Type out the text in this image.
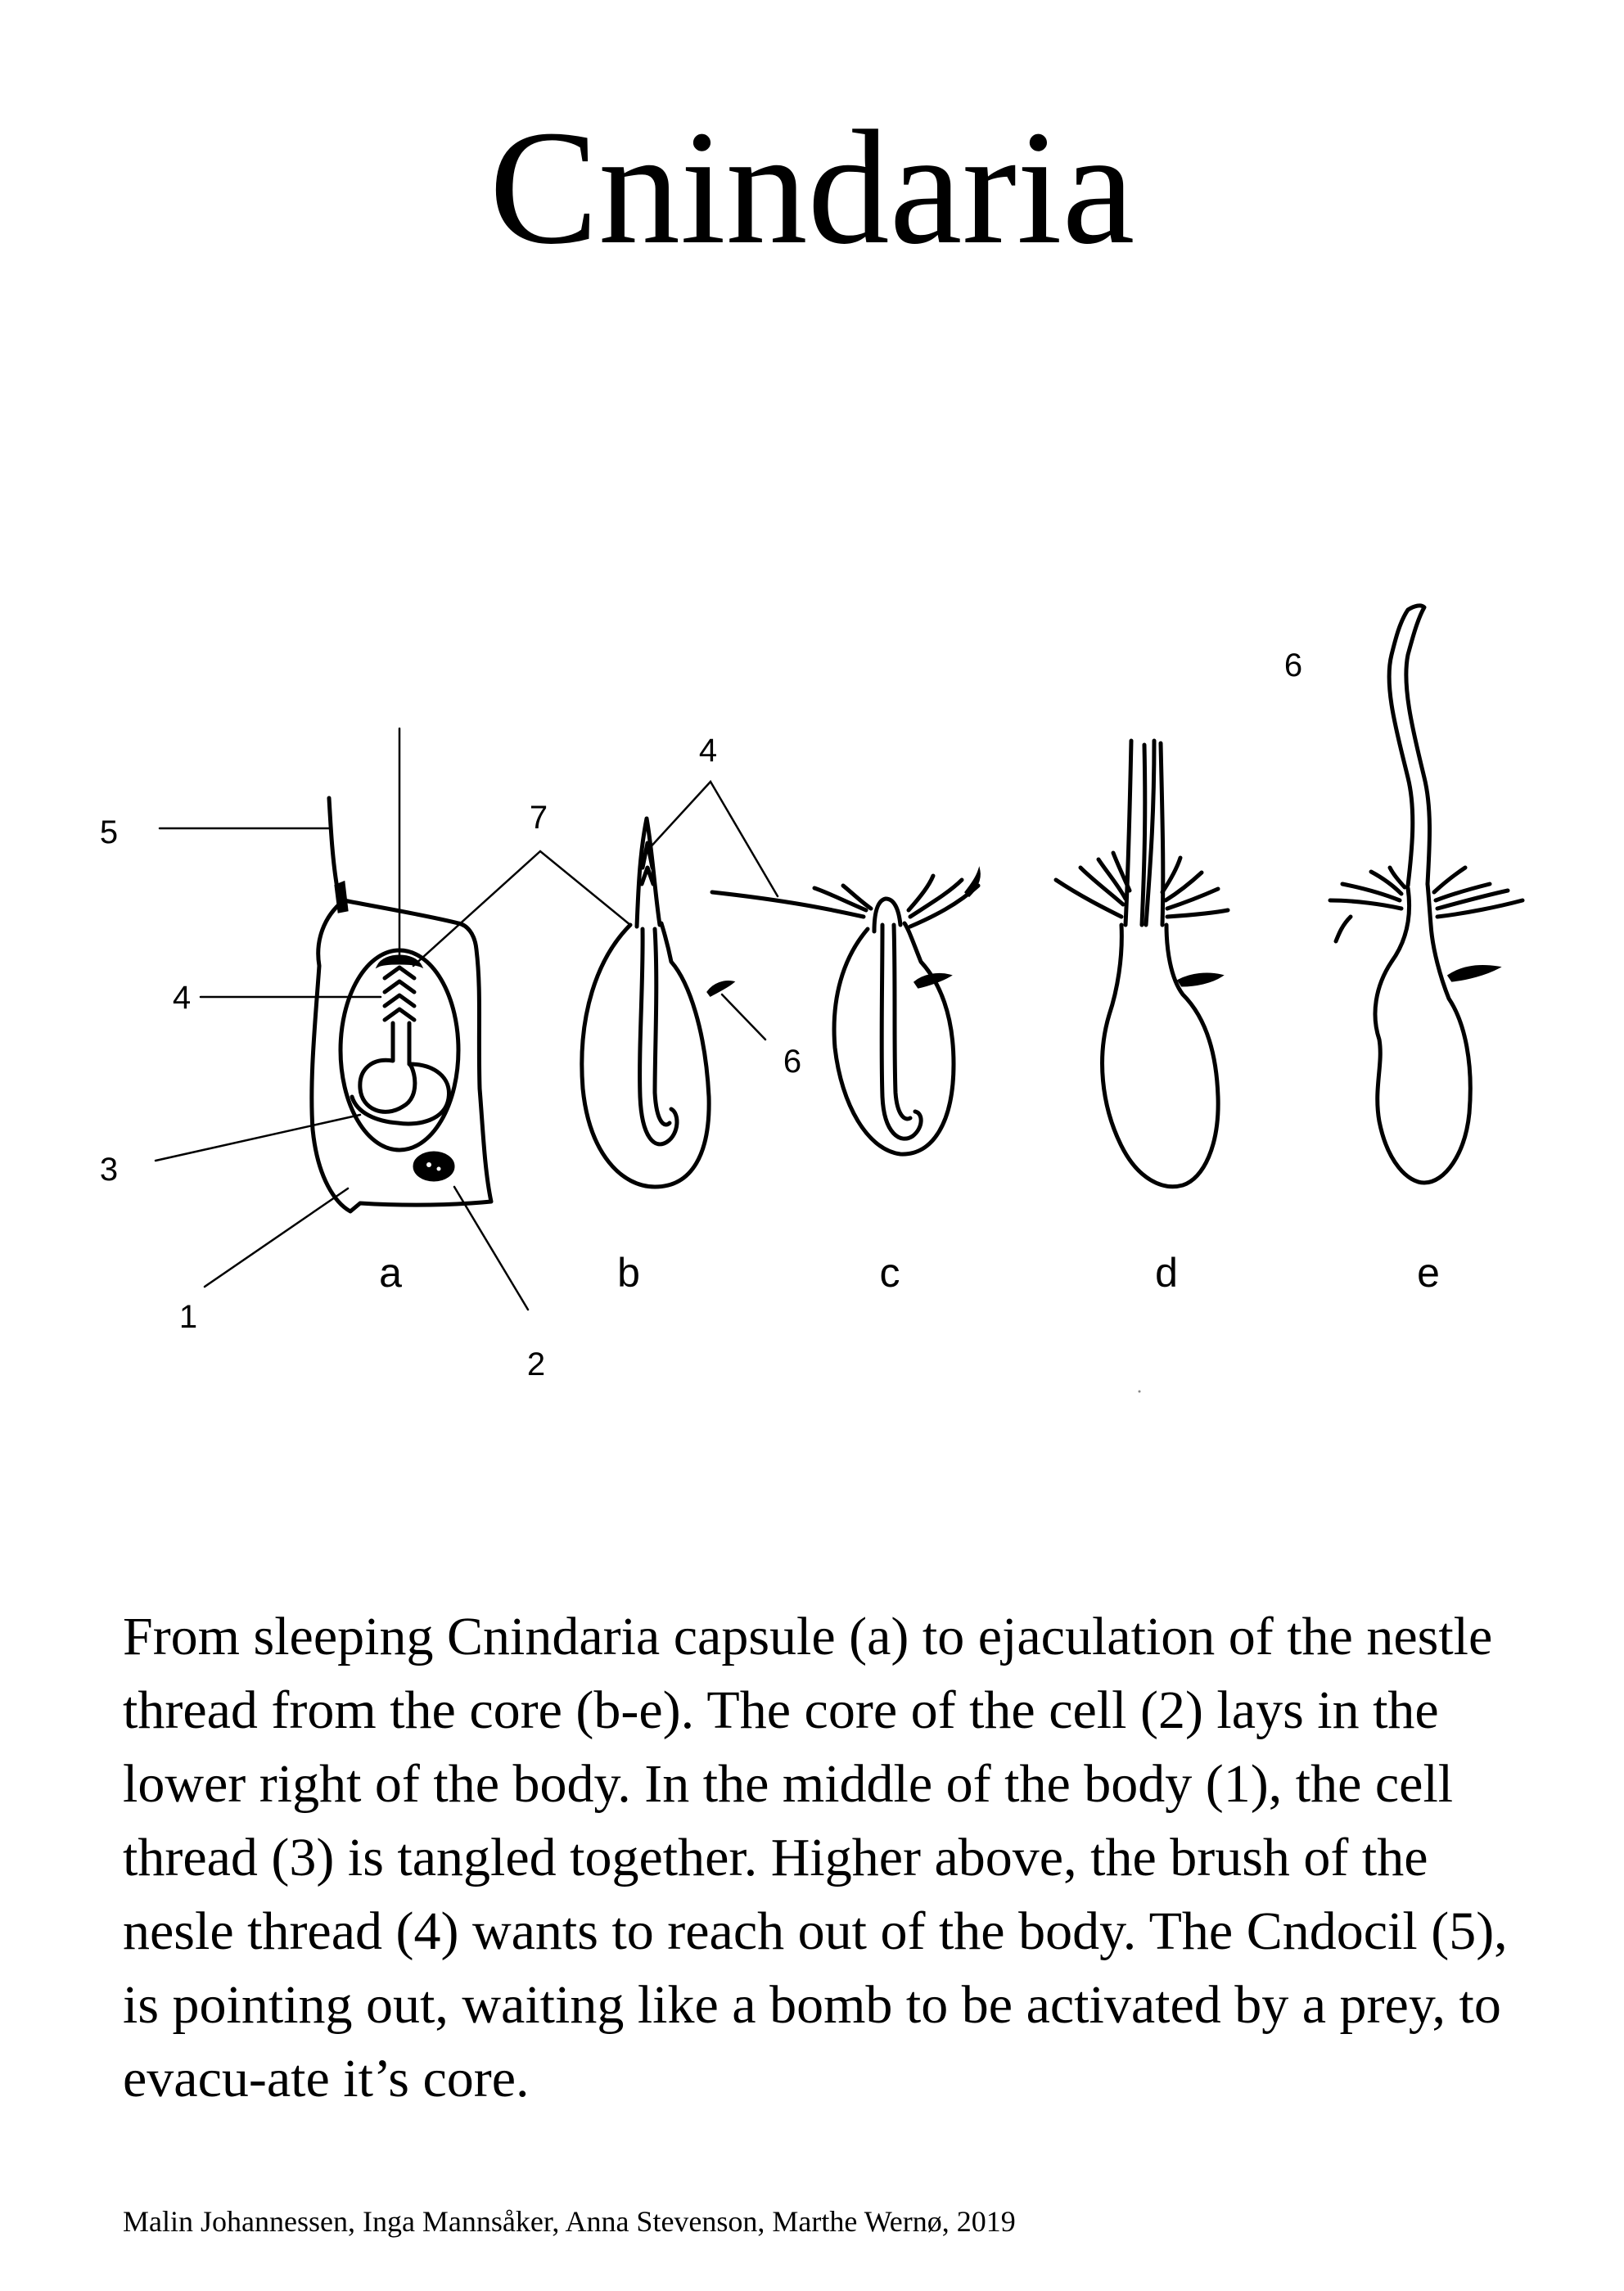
Cnindaria
5
4
3
1
2
7
4
6
6
a	b	c	d	e

From sleeping Cnindaria capsule (a) to ejaculation of the nestle thread from the core (b-e). The core of the cell (2) lays in the lower right of the body. In the middle of the body (1), the cell thread (3) is tangled together. Higher above, the brush of the nesle thread (4) wants to reach out of the body. The Cndocil (5), is pointing out, waiting like a bomb to be activated by a prey, to evacu-ate it’s core.

Malin Johannessen, Inga Mannsåker, Anna Stevenson, Marthe Wernø, 2019
